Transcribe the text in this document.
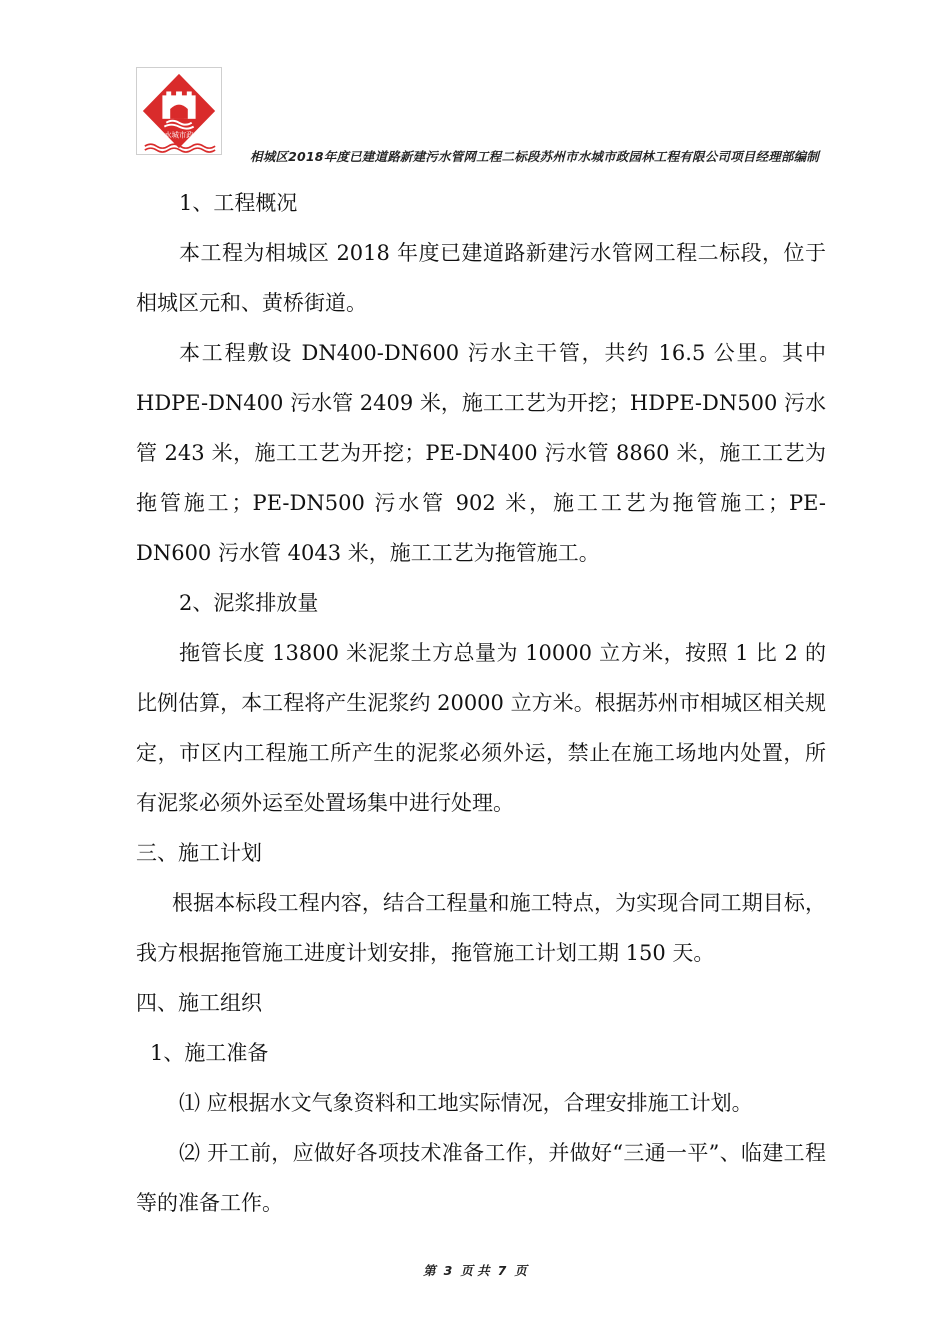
水城市政
相城区2018年度已建道路新建污水管网工程二标段苏州市水城市政园林工程有限公司项目经理部编制

1、工程概况

本工程为相城区 2018 年度已建道路新建污水管网工程二标段，位于相城区元和、黄桥街道。

本工程敷设 DN400-DN600 污水主干管，共约 16.5 公里。其中 HDPE-DN400 污水管 2409 米，施工工艺为开挖；HDPE-DN500 污水管 243 米，施工工艺为开挖；PE-DN400 污水管 8860 米，施工工艺为拖管施工；PE-DN500 污水管 902 米，施工工艺为拖管施工；PE-DN600 污水管 4043 米，施工工艺为拖管施工。

2、泥浆排放量

拖管长度 13800 米泥浆土方总量为 10000 立方米，按照 1 比 2 的比例估算，本工程将产生泥浆约 20000 立方米。根据苏州市相城区相关规定，市区内工程施工所产生的泥浆必须外运，禁止在施工场地内处置，所有泥浆必须外运至处置场集中进行处理。

三、施工计划

根据本标段工程内容，结合工程量和施工特点，为实现合同工期目标，我方根据拖管施工进度计划安排，拖管施工计划工期 150 天。

四、施工组织

1、施工准备

⑴ 应根据水文气象资料和工地实际情况，合理安排施工计划。

⑵ 开工前，应做好各项技术准备工作，并做好“三通一平”、临建工程等的准备工作。

第 3 页 共 7 页
